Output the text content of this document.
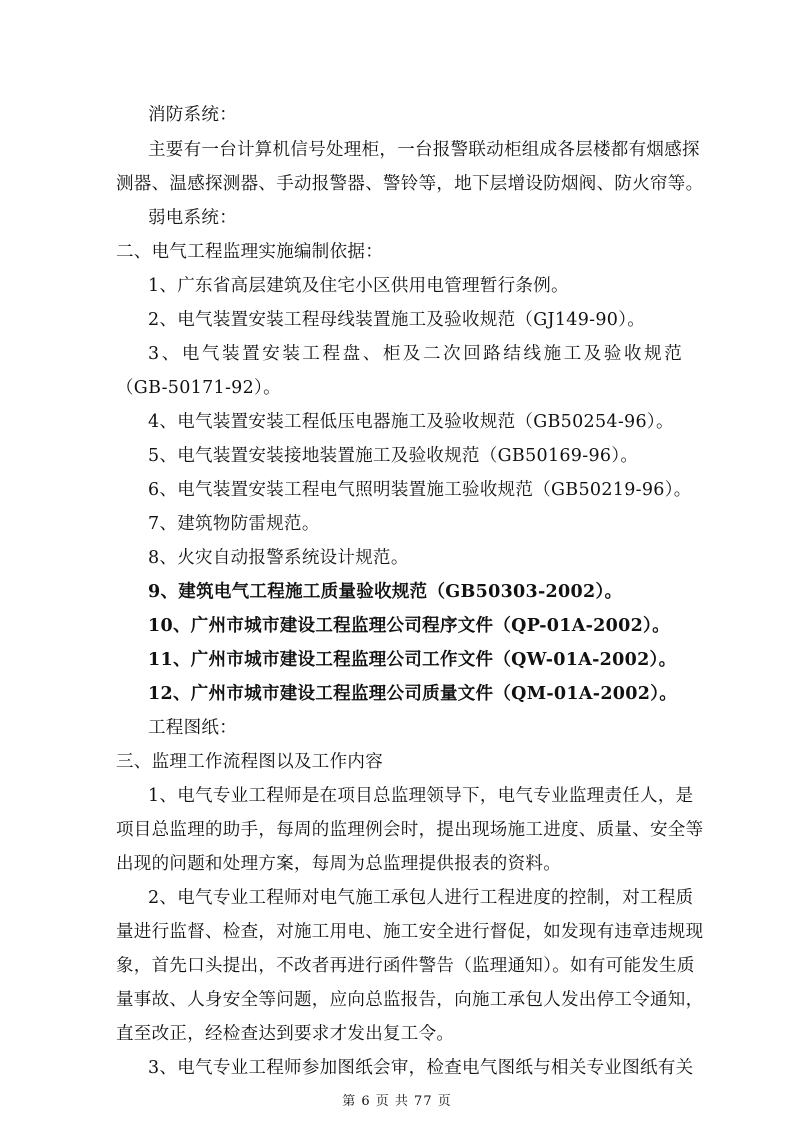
消防系统：
主要有一台计算机信号处理柜，一台报警联动柜组成各层楼都有烟感探
测器、温感探测器、手动报警器、警铃等，地下层增设防烟阀、防火帘等。
弱电系统：
二、电气工程监理实施编制依据：
1、广东省高层建筑及住宅小区供用电管理暂行条例。
2、电气装置安装工程母线装置施工及验收规范（GJ149-90）。
3、电气装置安装工程盘、柜及二次回路结线施工及验收规范
（GB-50171-92）。
4、电气装置安装工程低压电器施工及验收规范（GB50254-96）。
5、电气装置安装接地装置施工及验收规范（GB50169-96）。
6、电气装置安装工程电气照明装置施工验收规范（GB50219-96）。
7、建筑物防雷规范。
8、火灾自动报警系统设计规范。
9、建筑电气工程施工质量验收规范（GB50303-2002）。
10、广州市城市建设工程监理公司程序文件（QP-01A-2002）。
11、广州市城市建设工程监理公司工作文件（QW-01A-2002）。
12、广州市城市建设工程监理公司质量文件（QM-01A-2002）。
工程图纸：
三、监理工作流程图以及工作内容
1、电气专业工程师是在项目总监理领导下，电气专业监理责任人，是
项目总监理的助手，每周的监理例会时，提出现场施工进度、质量、安全等
出现的问题和处理方案，每周为总监理提供报表的资料。
2、电气专业工程师对电气施工承包人进行工程进度的控制，对工程质
量进行监督、检查，对施工用电、施工安全进行督促，如发现有违章违规现
象，首先口头提出，不改者再进行函件警告（监理通知）。如有可能发生质
量事故、人身安全等问题，应向总监报告，向施工承包人发出停工令通知，
直至改正，经检查达到要求才发出复工令。
3、电气专业工程师参加图纸会审，检查电气图纸与相关专业图纸有关
第 6 页 共 77 页
